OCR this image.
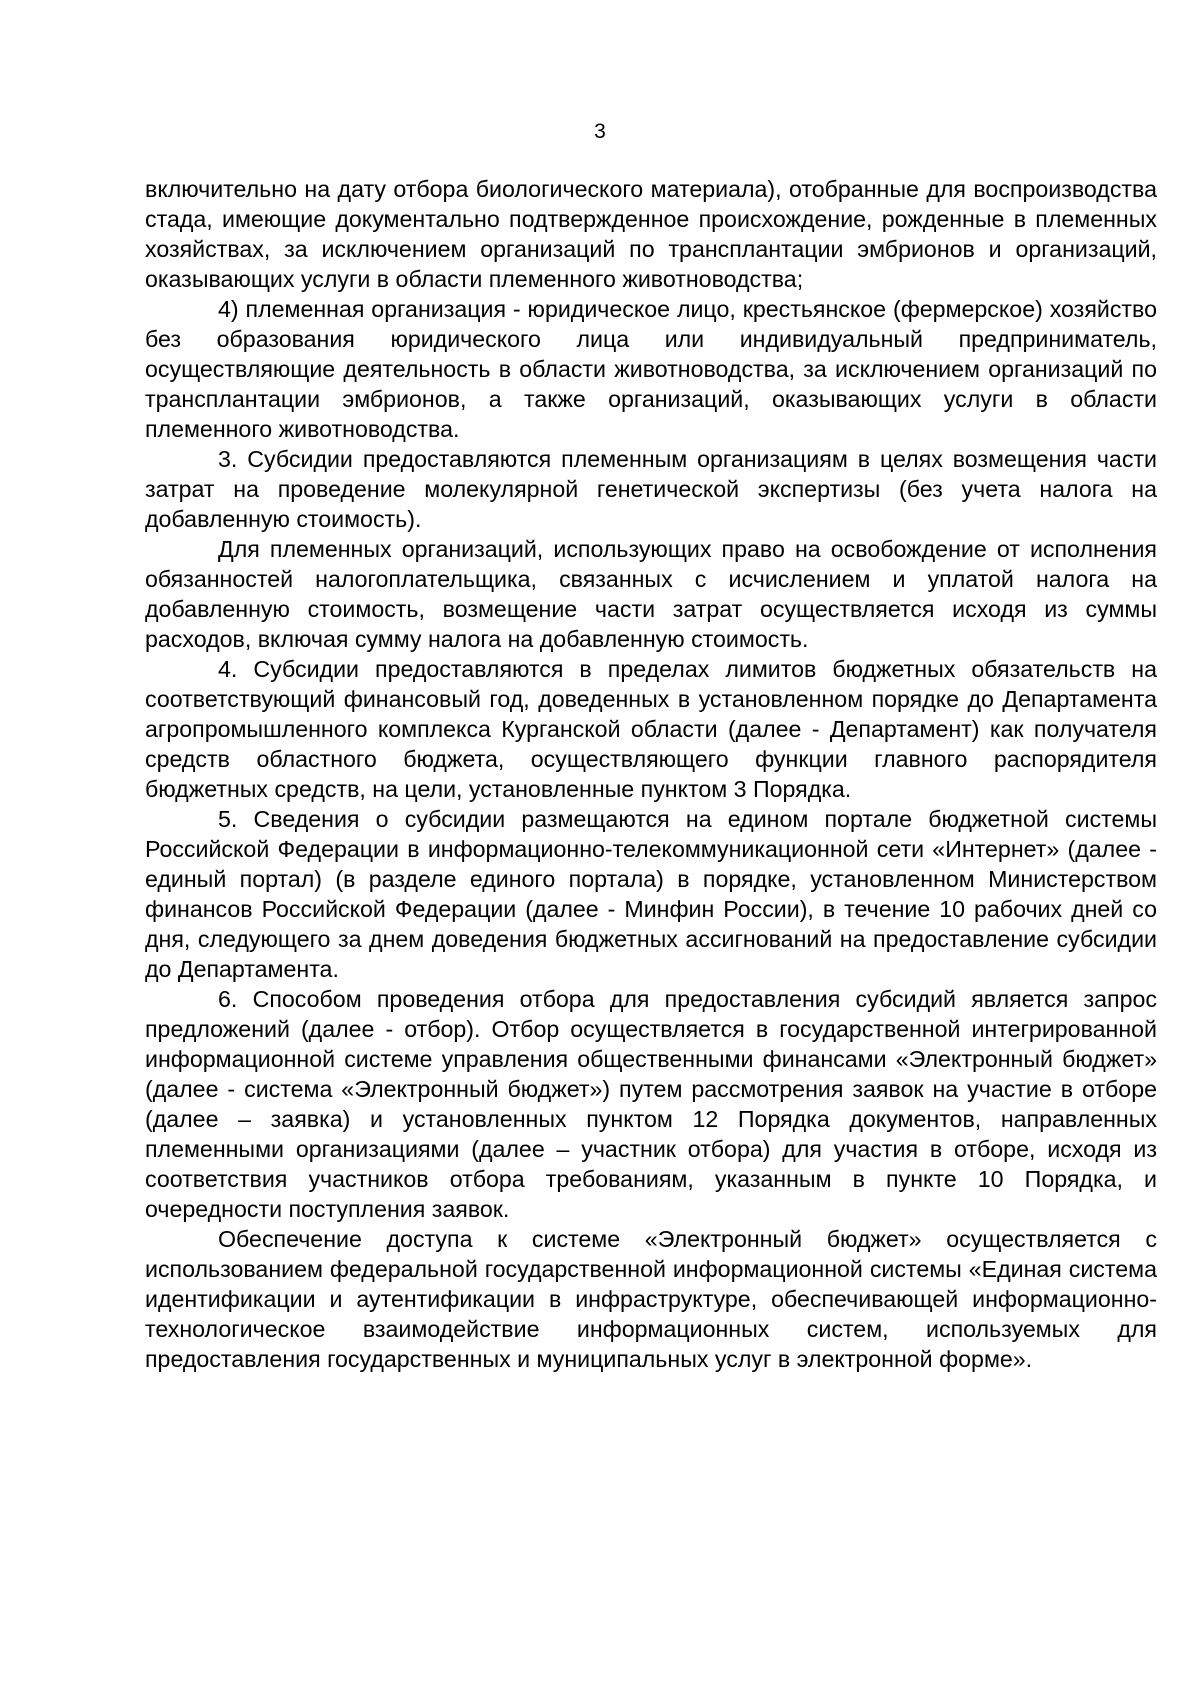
3

включительно на дату отбора биологического материала), отобранные для воспроизводства стада, имеющие документально подтвержденное происхождение, рожденные в племенных хозяйствах, за исключением организаций по трансплантации эмбрионов и организаций, оказывающих услуги в области племенного животноводства;

4) племенная организация - юридическое лицо, крестьянское (фермерское) хозяйство без образования юридического лица или индивидуальный предприниматель, осуществляющие деятельность в области животноводства, за исключением организаций по трансплантации эмбрионов, а также организаций, оказывающих услуги в области племенного животноводства.

3. Субсидии предоставляются племенным организациям в целях возмещения части затрат на проведение молекулярной генетической экспертизы (без учета налога на добавленную стоимость).

Для племенных организаций, использующих право на освобождение от исполнения обязанностей налогоплательщика, связанных с исчислением и уплатой налога на добавленную стоимость, возмещение части затрат осуществляется исходя из суммы расходов, включая сумму налога на добавленную стоимость.

4. Субсидии предоставляются в пределах лимитов бюджетных обязательств на соответствующий финансовый год, доведенных в установленном порядке до Департамента агропромышленного комплекса Курганской области (далее - Департамент) как получателя средств областного бюджета, осуществляющего функции главного распорядителя бюджетных средств, на цели, установленные пунктом 3 Порядка.

5. Сведения о субсидии размещаются на едином портале бюджетной системы Российской Федерации в информационно-телекоммуникационной сети «Интернет» (далее - единый портал) (в разделе единого портала) в порядке, установленном Министерством финансов Российской Федерации (далее - Минфин России), в течение 10 рабочих дней со дня, следующего за днем доведения бюджетных ассигнований на предоставление субсидии до Департамента.

6. Способом проведения отбора для предоставления субсидий является запрос предложений (далее - отбор). Отбор осуществляется в государственной интегрированной информационной системе управления общественными финансами «Электронный бюджет» (далее - система «Электронный бюджет») путем рассмотрения заявок на участие в отборе (далее – заявка) и установленных пунктом 12 Порядка документов, направленных племенными организациями (далее – участник отбора) для участия в отборе, исходя из соответствия участников отбора требованиям, указанным в пункте 10 Порядка, и очередности поступления заявок.

Обеспечение доступа к системе «Электронный бюджет» осуществляется с использованием федеральной государственной информационной системы «Единая система идентификации и аутентификации в инфраструктуре, обеспечивающей информационно-технологическое взаимодействие информационных систем, используемых для предоставления государственных и муниципальных услуг в электронной форме».
